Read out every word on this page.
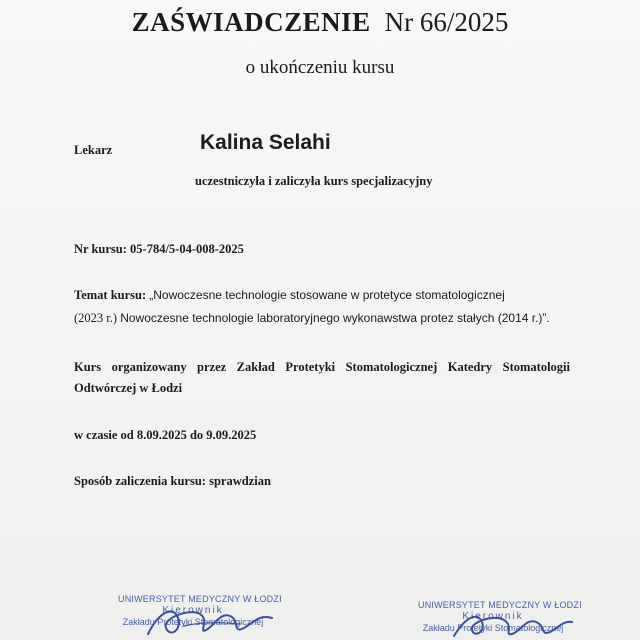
ZAŚWIADCZENIE Nr 66/2025
o ukończeniu kursu
Lekarz	Kalina Selahi
uczestniczyła i zaliczyła kurs specjalizacyjny
Nr kursu: 05-784/5-04-008-2025
Temat kursu: „Nowoczesne technologie stosowane w protetyce stomatologicznej
(2023 r.) Nowoczesne technologie laboratoryjnego wykonawstwa protez stałych (2014 r.)”.
Kurs organizowany przez Zakład Protetyki Stomatologicznej Katedry Stomatologii
Odtwórczej w Łodzi
w czasie od 8.09.2025 do 9.09.2025
Sposób zaliczenia kursu: sprawdzian
UNIWERSYTET MEDYCZNY W ŁODZI
Kierownik
Zakładu Protetyki Stomatologicznej
UNIWERSYTET MEDYCZNY W ŁODZI
Kierownik
Zakładu Protetyki Stomatologicznej
